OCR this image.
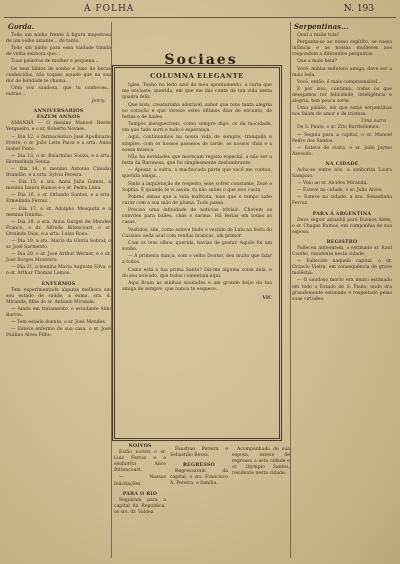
A FOLHA	N. 193
Gorda.

Todo um ninho frente á figura majestosa de um velho amante... de tanto.

Todo um ninho para essa vaidade tímida de velha senhora que...

Tuas palavras de mulher e pequena...

Os teus lábios de sonho e luxo de bocas conhecidas, não toques aquele que na sua dor de bondade te chama...

Uma voz saudosa, que tu conheces... outras...

Jenry.
ANNIVERSARIOS
FAZEM ANNOS

AMANHÃ — O menino Manoel Heróe Vergueiro, e o sr. Roberto Novaes.

— Dia 12, o farmacêutico José Apollinario Freire, o sr. João Leite Paiva e a srta. Anna Isabel Pinto.

— Dia 13, o sr. Belarmino Souza, e a srta. Hermelinda Senna.

— Dia 14, o menino Antonio Cláudio Brandão, e a srta. Sylvia Pereira.

— Dia 15, a sra. Anna Julia Gomes, a menina Izaura Ramos e o sr. Pedro Lima.

— Dia 16, o sr. Orlando Santos, e a srta. Ermelinda Ferraz.

— Dia 17, o sr. Adolpho Mesquita e a menina Ditinha.

— Dia 18, a sra. Anna Gurgel de Mendes Franco, o dr. Alfredo Bitencourt, o sr. Ormindo Dias, e a srta. Luiza Rosa.

— Dia 19, a sra. Maria da Gloria Sobral, o sr. José Sarmento.

— Dia 20, o sr. José Arthur Werner, e o dr. José Borges Monteiro.

— Dia 21, a menina Maria Augusta Silva, e o sr. Arthur Thomaz Lemos.

ENFERMOS

Tem experimentado alguma melhora em seu estado de saúde, a exma. sra. d. Miranda, filha do sr. Antonio Miranda.

— Ainda em tratamento, o estudante Aldo Barros.

— Tem estado doente, o sr. José Mendes.

— Esteve enfermo de sua casa, o sr. José Paulino Alves Filho.

Sociaes
COLUMNA ELEGANTE

Igles. Tenho no leito azul do meu apontamento, a carta que me enviaste, querida, em que me dás conta da tua vida nesta quadra feliz.

Que bom, creaturinha adorável, saber que tens tanta alegria no coração e que viveste estes últimos dias de encanto, de festas e de bailes.

Tempos inesquecíveis, como sempre digo, os da mocidade, em que tudo sorri e tudo é esperança.

Aqui, continuamos na nossa vida de sempre, tranquila e simples, com os nossos passeios de tarde, os nossos chás e a nossa música.

Não ha novidades que mereçam registo especial, a não ser a festa da Baronesa, que foi simplesmente deslumbrante.

— Apesar, a outra, a machucada parte que você me contou, querida amiga...

Sinto a inquietação de respeito, esse sofrer constante, Zezé e Sophia. E quando te vi assim, tu não sabes o que isso custa.

Pobres almas que a vida maltrata, mas que o tempo sabe curar com a sua mão de pluma. Tudo passa.

Preciso uma infinidade de noticias triviais. Chovem os convites para bailes, chás e saraus. Há festas em todas as casas.

Vestidos, sim, como esteve lindo o vestido de Lulu na festa do Cassino: seda azul com rendas brancas, um primor.

Com os teus olhos, querida, havias de gostar. Aquilo foi um sonho.

— A primeira dança, com o velho Doutor, deu muito que falar a todos.

Como está a tua prima Santa? Diz-me alguma coisa dela, e do seu noivado, que todos comentam aqui.

Aqui ficam as minhas saudades e um grande beijo da tua amiga de sempre, que nunca te esquece.

VIC
NOIVOS

Estão noivos o sr. Luiz Ferraz e a senhorita Alice Bittencourt.

— Nossas felicitações.

PARA O RIO

Seguiram para a capital da Republica, os srs. dr. Valdez.

Faustino Pereira e Sebastião Bessa.

REGRESSO

Regressaram da capital, o srs. Francisco A. Pereira, e família.

Acompanhado de sua esposa, esteve de regresso a esta cidade o sr. Olympio Santos, residente nesta cidade.

Serpentinas...

Qual a razão tola?

Pergunta-se ao nosso espírito, se nossa infância e as nossas mulheres nos respondem a diferentes perguntas.

Que a mais bela?

Você, minha sedutora amiga, deve ser a mais bela.

Você, então, é mais compreensível...

É por isso, continuo, todos os que desejamos ter felicidade, inteligência e alegria, tem pouca sorte.

Uma paixão, eis que estas serpentinas nos falam de amor e de tristeza.

Uma outra

De S. Paulo, o sr. Zito Bartholomeu.

— Seguiu para a capital, o sr. Manoel Pedro dos Santos.

— Esteve de visita, o sr. Julio Jayme Azevedo.

NA CIDADE

Acha-se entre nós, a senhorita Laura Sampaio.

— Veio ao sr. Alcides Miranda.

— Esteve na cidade, o sr. Julio Alves.

— Esteve na cidade, a sra. Sebastiana Ferraz.

PARA A ARGENTINA

Deve seguir amanhã para Buenos Aires, o sr. Chagas Ramos, em companhia de sua esposa.

REGISTRO

Falleceu anteontem, o estimado sr. Raul Coelho, residente nesta cidade.

— Fallecido naquela capital, o dr. Octavio Vieira, em consequência de grave moléstia.

— O saudoso morto era muito estimado em todo o Estado de S. Paulo, onde era grandemente estimado e respeitado pelas suas virtudes.
